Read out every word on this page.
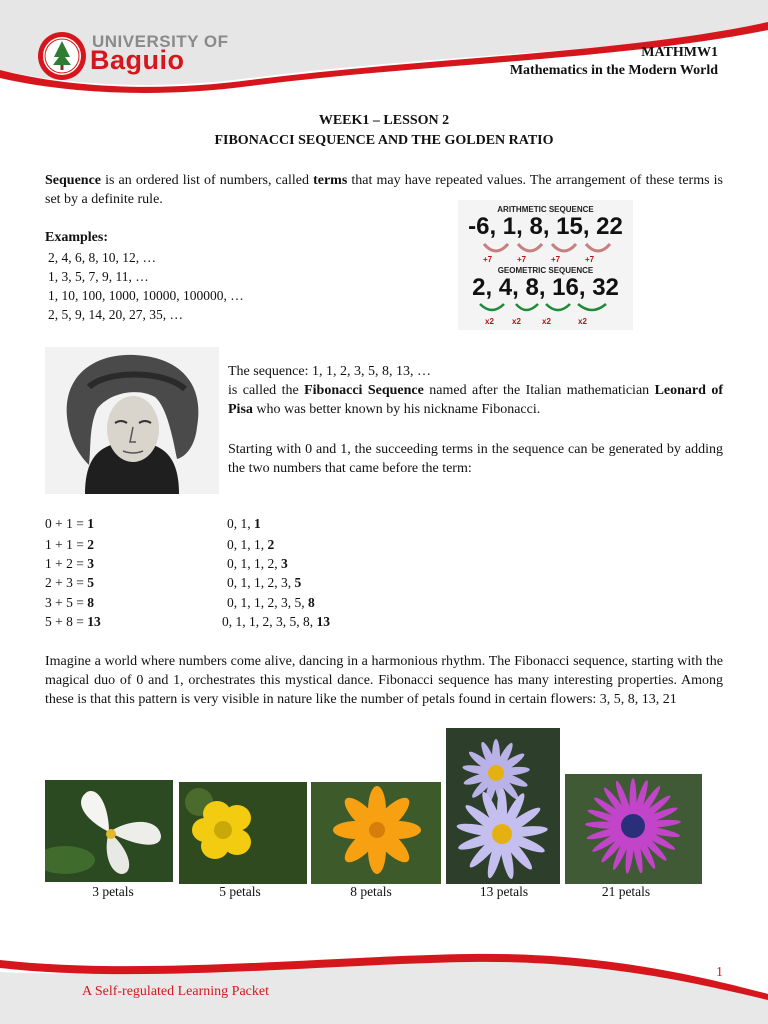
UNIVERSITY OF
Baguio	MATHMW1
Mathematics in the Modern World
WEEK1 – LESSON 2
FIBONACCI SEQUENCE AND THE GOLDEN RATIO

Sequence is an ordered list of numbers, called terms that may have repeated values. The arrangement of these terms is set by a definite rule.

Examples:
2, 4, 6, 8, 10, 12, …
1, 3, 5, 7, 9, 11, …
1, 10, 100, 1000, 10000, 100000, …
2, 5, 9, 14, 20, 27, 35, …
ARITHMETIC SEQUENCE
-6, 1, 8, 15, 22
+7	+7	+7	+7
GEOMETRIC SEQUENCE
2, 4, 8, 16, 32
x2 x2	x2	x2

The sequence: 1, 1, 2, 3, 5, 8, 13, …

is called the Fibonacci Sequence named after the Italian mathematician Leonard of Pisa who was better known by his nickname Fibonacci.

Starting with 0 and 1, the succeeding terms in the sequence can be generated by adding the two numbers that came before the term:

0 + 1 = 1	0, 1, 1
1 + 1 = 2	0, 1, 1, 2
1 + 2 = 3	0, 1, 1, 2, 3
2 + 3 = 5	0, 1, 1, 2, 3, 5
3 + 5 = 8	0, 1, 1, 2, 3, 5, 8
5 + 8 = 13	0, 1, 1, 2, 3, 5, 8, 13

Imagine a world where numbers come alive, dancing in a harmonious rhythm. The Fibonacci sequence, starting with the magical duo of 0 and 1, orchestrates this mystical dance. Fibonacci sequence has many interesting properties. Among these is that this pattern is very visible in nature like the number of petals found in certain flowers: 3, 5, 8, 13, 21

3 petals	5 petals	8 petals	13 petals	21 petals
1
A Self-regulated Learning Packet
